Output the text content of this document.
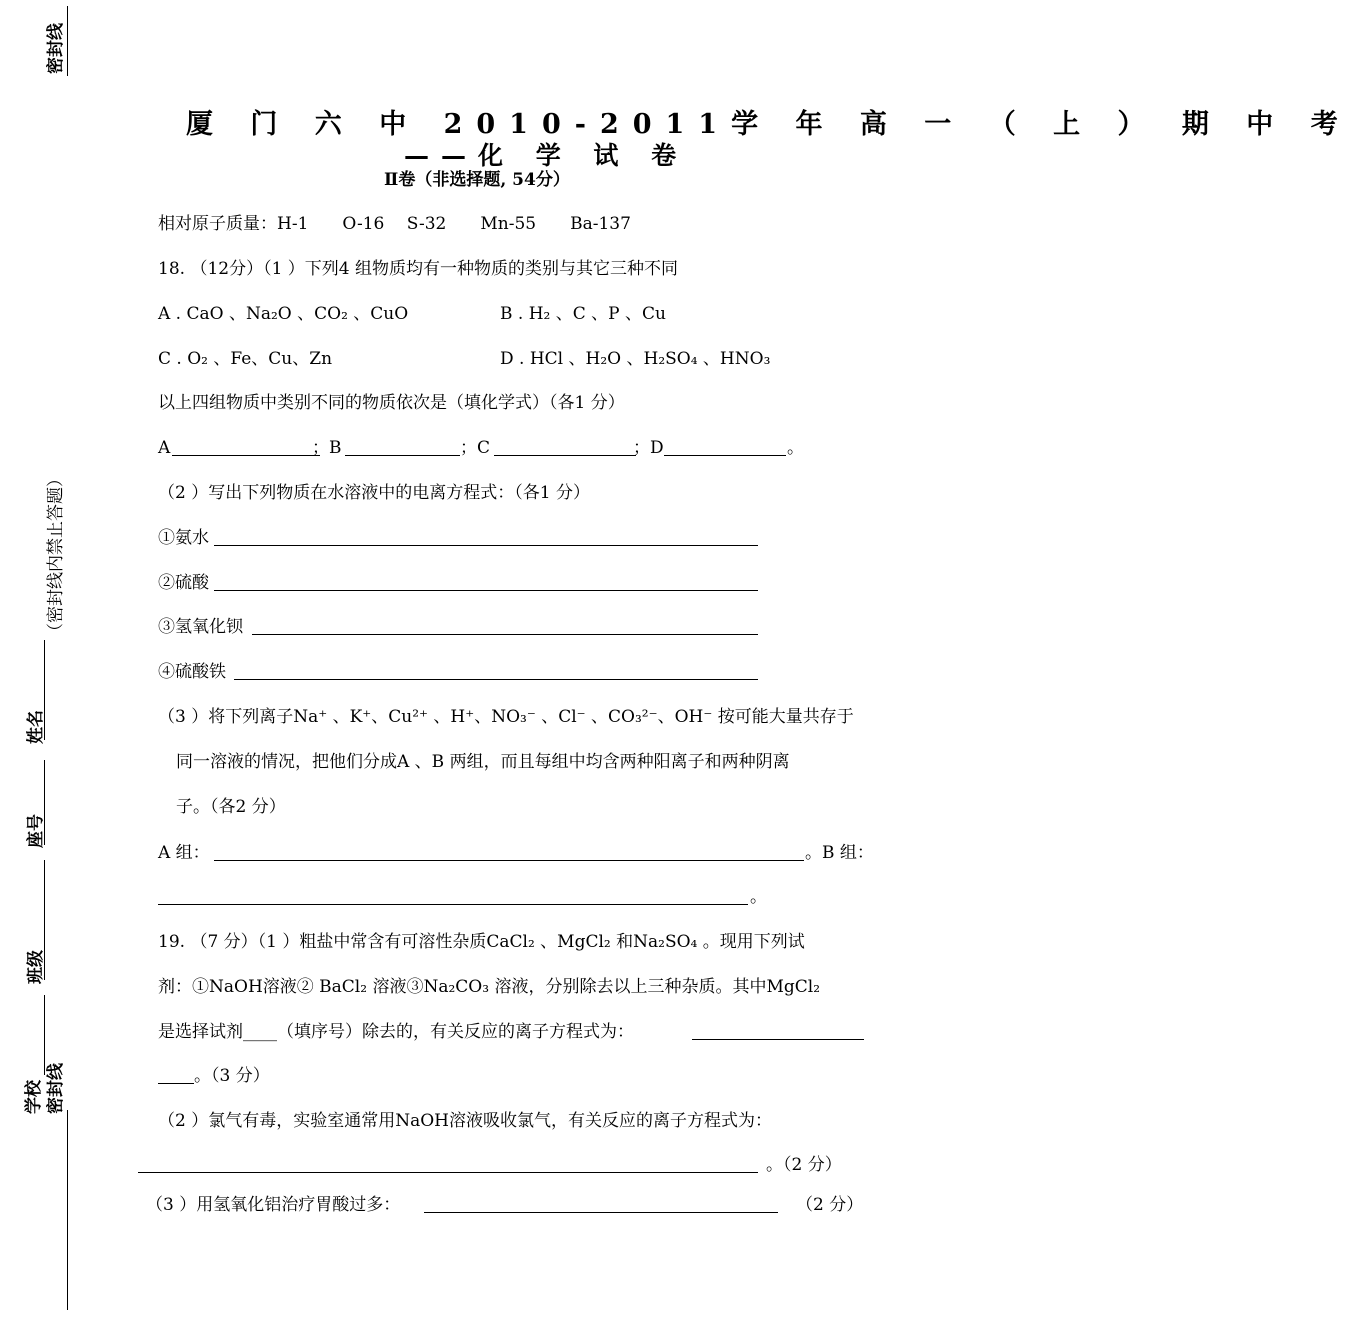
密封线
（密封线内禁止答题）
姓名
座号
班级
学校 密封线
厦 门 六 中 2010-2011学 年 高 一 （ 上 ） 期 中 考
——化 学 试 卷
Ⅱ卷（非选择题, 54分）
相对原子质量：H-1　　O-16　 S-32　　Mn-55　　Ba-137
18. （12分）（1 ）下列4 组物质均有一种物质的类别与其它三种不同
A . CaO 、Na₂O 、CO₂ 、CuO	B . H₂ 、C 、P 、Cu
C . O₂ 、Fe、Cu、Zn	D . HCl 、H₂O 、H₂SO₄ 、HNO₃
以上四组物质中类别不同的物质依次是（填化学式）（各1 分）
A	；B	；C	；D	。
（2 ）写出下列物质在水溶液中的电离方程式：（各1 分）
①氨水
②硫酸
③氢氧化钡
④硫酸铁
（3 ）将下列离子Na⁺ 、K⁺、Cu²⁺ 、H⁺、NO₃⁻ 、Cl⁻ 、CO₃²⁻、OH⁻ 按可能大量共存于
同一溶液的情况，把他们分成A 、B 两组，而且每组中均含两种阳离子和两种阴离
子。（各2 分）
A 组：	。B 组：
。
19. （7 分）（1 ）粗盐中常含有可溶性杂质CaCl₂ 、MgCl₂ 和Na₂SO₄ 。现用下列试
剂：①NaOH溶液② BaCl₂ 溶液③Na₂CO₃ 溶液，分别除去以上三种杂质。其中MgCl₂
是选择试剂____（填序号）除去的，有关反应的离子方程式为：
。（3 分）
（2 ）氯气有毒，实验室通常用NaOH溶液吸收氯气，有关反应的离子方程式为：
。（2 分）
（3 ）用氢氧化铝治疗胃酸过多：	（2 分）
